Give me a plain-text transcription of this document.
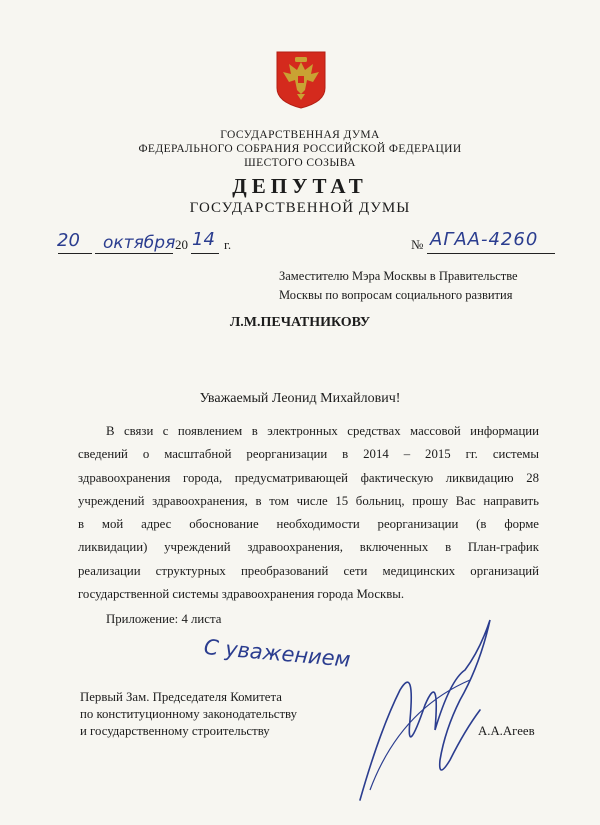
ГОСУДАРСТВЕННАЯ ДУМА
ФЕДЕРАЛЬНОГО СОБРАНИЯ РОССИЙСКОЙ ФЕДЕРАЦИИ
ШЕСТОГО СОЗЫВА
ДЕПУТАТ
ГОСУДАРСТВЕННОЙ ДУМЫ
20 октября 20 14 г.	№ АГАА-4260
Заместителю Мэра Москвы в Правительстве
Москвы по вопросам социального развития
Л.М.ПЕЧАТНИКОВУ
Уважаемый Леонид Михайлович!
В связи с появлением в электронных средствах массовой информации
сведений о масштабной реорганизации в 2014 – 2015 гг. системы
здравоохранения города, предусматривающей фактическую ликвидацию 28
учреждений здравоохранения, в том числе 15 больниц, прошу Вас направить
в мой адрес обоснование необходимости реорганизации (в форме
ликвидации) учреждений здравоохранения, включенных в План-график
реализации структурных преобразований сети медицинских организаций
государственной системы здравоохранения города Москвы.
Приложение: 4 листа
С уважением
Первый Зам. Председателя Комитета
по конституционному законодательству
и государственному строительству	А.А.Агеев
